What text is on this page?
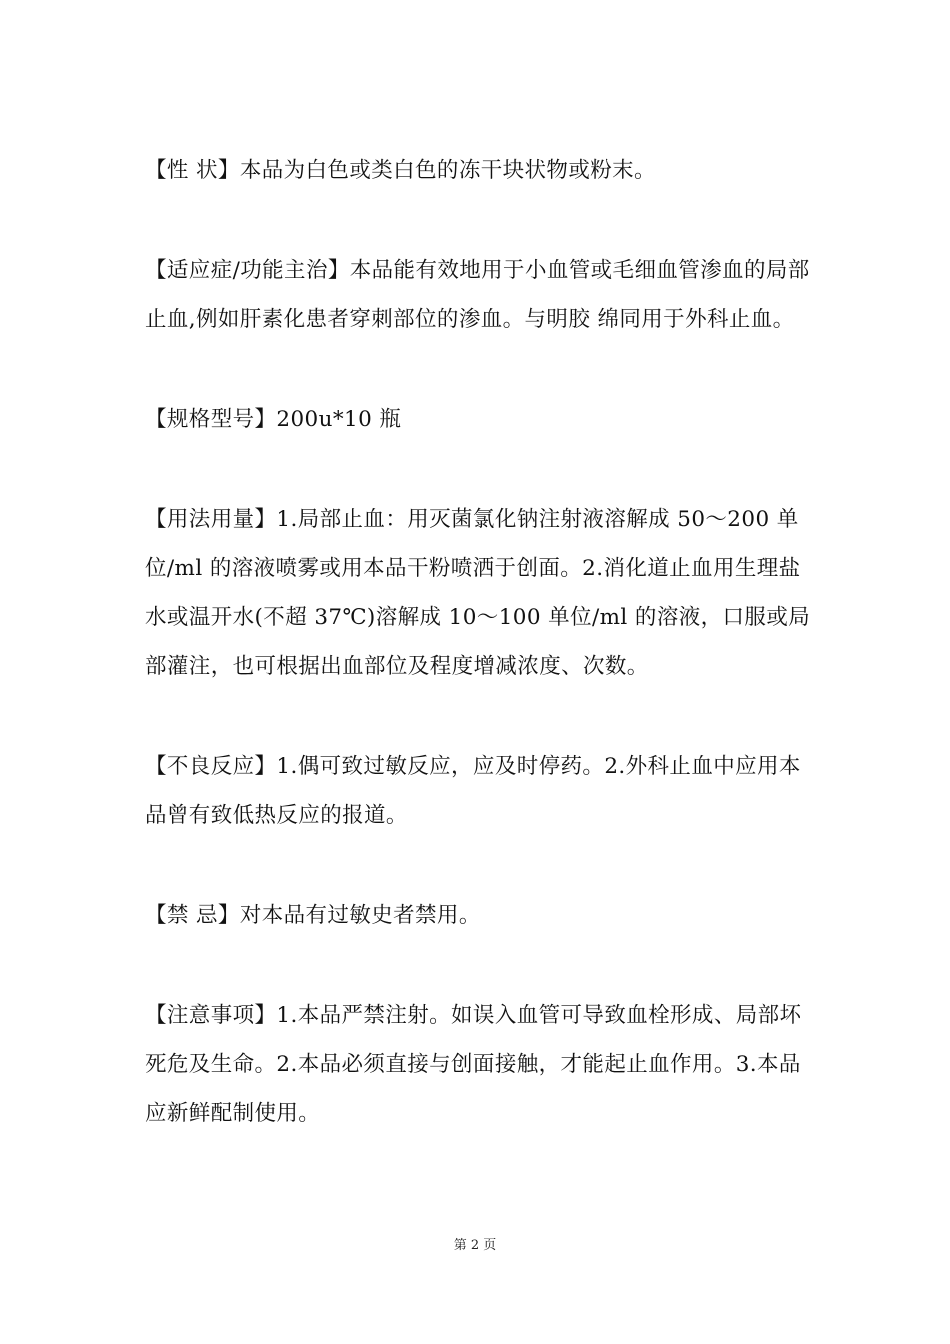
【性 状】本品为白色或类白色的冻干块状物或粉末。

【适应症/功能主治】本品能有效地用于小血管或毛细血管渗血的局部止血,例如肝素化患者穿刺部位的渗血。与明胶 绵同用于外科止血。

【规格型号】200u*10 瓶

【用法用量】1.局部止血：用灭菌氯化钠注射液溶解成 50～200 单位/ml 的溶液喷雾或用本品干粉喷洒于创面。2.消化道止血用生理盐水或温开水(不超 37℃)溶解成 10～100 单位/ml 的溶液，口服或局部灌注，也可根据出血部位及程度增减浓度、次数。

【不良反应】1.偶可致过敏反应，应及时停药。2.外科止血中应用本品曾有致低热反应的报道。

【禁 忌】对本品有过敏史者禁用。

【注意事项】1.本品严禁注射。如误入血管可导致血栓形成、局部坏死危及生命。2.本品必须直接与创面接触，才能起止血作用。3.本品应新鲜配制使用。

第 2 页
